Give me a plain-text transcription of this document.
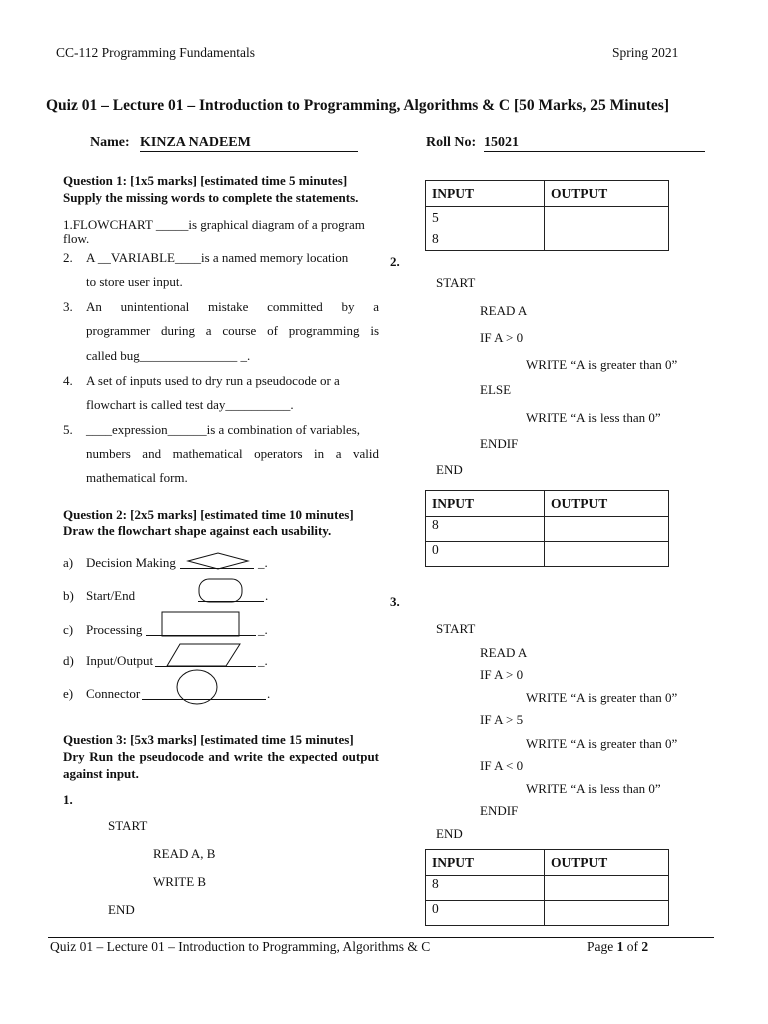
CC-112 Programming Fundamentals	Spring 2021
Quiz 01 – Lecture 01 – Introduction to Programming, Algorithms & C [50 Marks, 25 Minutes]
Name: KINZA NADEEM	Roll No: 15021
Question 1: [1x5 marks] [estimated time 5 minutes]
Supply the missing words to complete the statements.
1.FLOWCHART _____is graphical diagram of a program flow.
2. A __VARIABLE____is a named memory location
to store user input.
3. An unintentional mistake committed by a
programmer during a course of programming is
called bug_______________ _.
4. A set of inputs used to dry run a pseudocode or a
flowchart is called test day__________.
5. ____expression______is a combination of variables,
numbers and mathematical operators in a valid
mathematical form.
Question 2: [2x5 marks] [estimated time 10 minutes]
Draw the flowchart shape against each usability.
a) Decision Making	_.
b) Start/End	.
c) Processing	_.
d) Input/Output	_.
e) Connector	.
Question 3: [5x3 marks] [estimated time 15 minutes]
Dry Run the pseudocode and write the expected output against input.
1.
START
READ A, B
WRITE B
END
INPUT	OUTPUT
5
8	
2.
START
READ A
IF A > 0
WRITE “A is greater than 0”
ELSE
WRITE “A is less than 0”
ENDIF
END
INPUT	OUTPUT
8	
0	
3.
START
READ A
IF A > 0
WRITE “A is greater than 0”
IF A > 5
WRITE “A is greater than 0”
IF A < 0
WRITE “A is less than 0”
ENDIF
END
INPUT	OUTPUT
8	
0	
Quiz 01 – Lecture 01 – Introduction to Programming, Algorithms & C	Page 1 of 2
